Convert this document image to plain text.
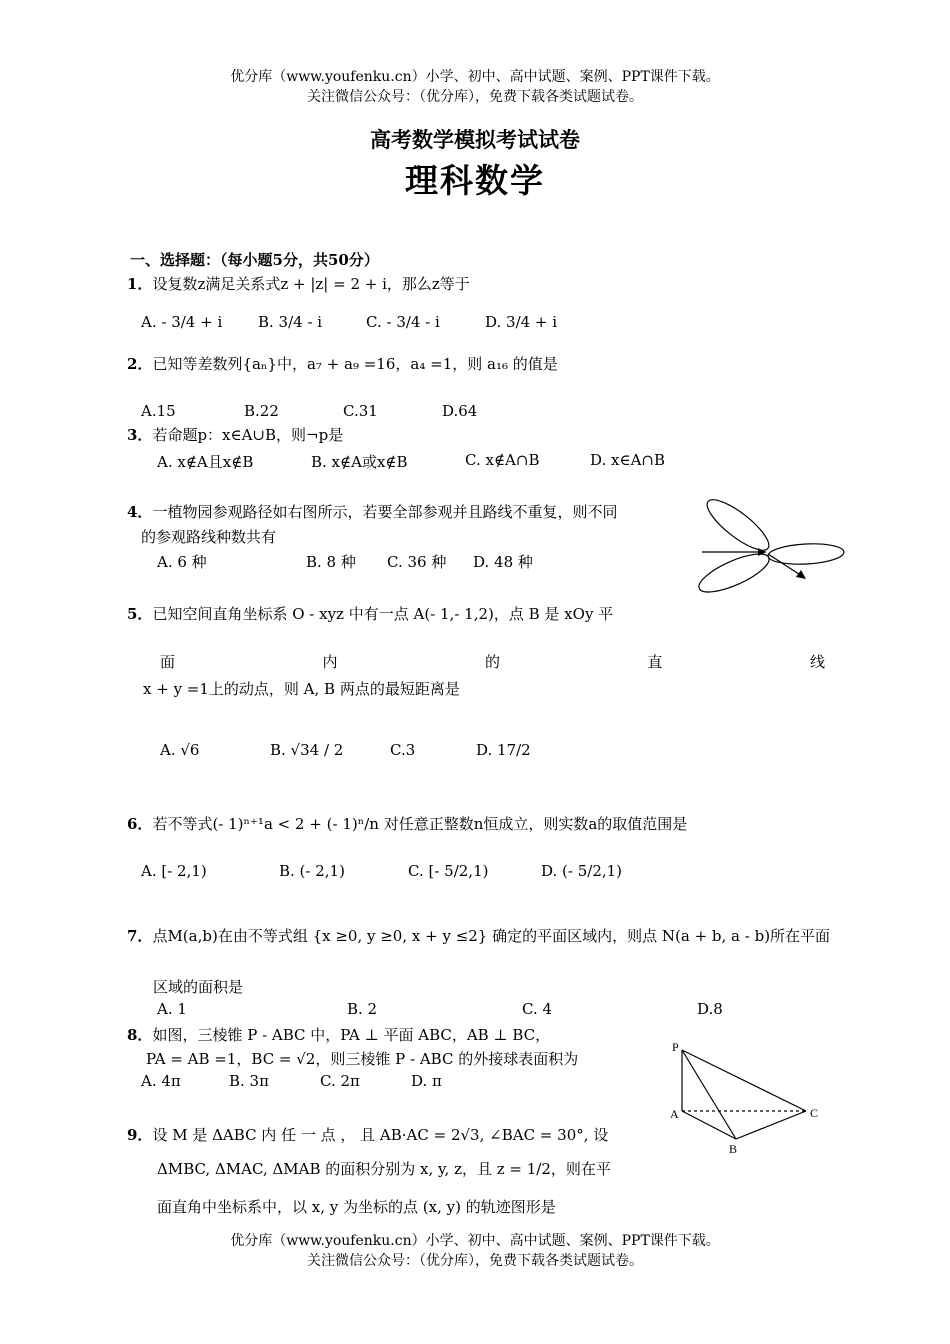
优分库（www.youfenku.cn）小学、初中、高中试题、案例、PPT课件下载。
关注微信公众号：（优分库），免费下载各类试题试卷。
高考数学模拟考试试卷
理科数学
一、选择题：（每小题5分，共50分）
1．设复数z满足关系式z + |z| = 2 + i，那么z等于
A. - 3/4 + i B. 3/4 - i	C. - 3/4 - i	D. 3/4 + i
2．已知等差数列{aₙ}中，a₇ + a₉ =16，a₄ =1，则 a₁₆ 的值是
A.15	B.22	C.31	D.64
3．若命题p：x∈A∪B，则¬p是
A. x∉A且x∉B	B. x∉A或x∉B	C. x∉A∩B	D. x∈A∩B
4．一植物园参观路径如右图所示，若要全部参观并且路线不重复，则不同
的参观路线种数共有
A. 6 种	B. 8 种 C. 36 种 D. 48 种
5．已知空间直角坐标系 O - xyz 中有一点 A(- 1,- 1,2)，点 B 是 xOy 平
面	内	的	直	线
x + y =1上的动点，则 A, B 两点的最短距离是
A. √6	B. √34 / 2	C.3	D. 17/2
6．若不等式(- 1)ⁿ⁺¹a < 2 + (- 1)ⁿ/n 对任意正整数n恒成立，则实数a的取值范围是
A. [- 2,1)	B. (- 2,1)	C. [- 5/2,1)	D. (- 5/2,1)
7．点M(a,b)在由不等式组 {x ≥0, y ≥0, x + y ≤2} 确定的平面区域内，则点 N(a + b, a - b)所在平面
区域的面积是
A. 1	B. 2	C. 4	D.8
8．如图，三棱锥 P - ABC 中，PA ⊥ 平面 ABC，AB ⊥ BC，
PA = AB =1，BC = √2，则三棱锥 P - ABC 的外接球表面积为
A. 4π	B. 3π	C. 2π	D. π
P
A
B
C
9．设 M 是 ΔABC 内 任 一 点 ， 且 AB·AC = 2√3, ∠BAC = 30°, 设
ΔMBC, ΔMAC, ΔMAB 的面积分别为 x, y, z，且 z = 1/2，则在平
面直角中坐标系中，以 x, y 为坐标的点 (x, y) 的轨迹图形是
优分库（www.youfenku.cn）小学、初中、高中试题、案例、PPT课件下载。
关注微信公众号：（优分库），免费下载各类试题试卷。
